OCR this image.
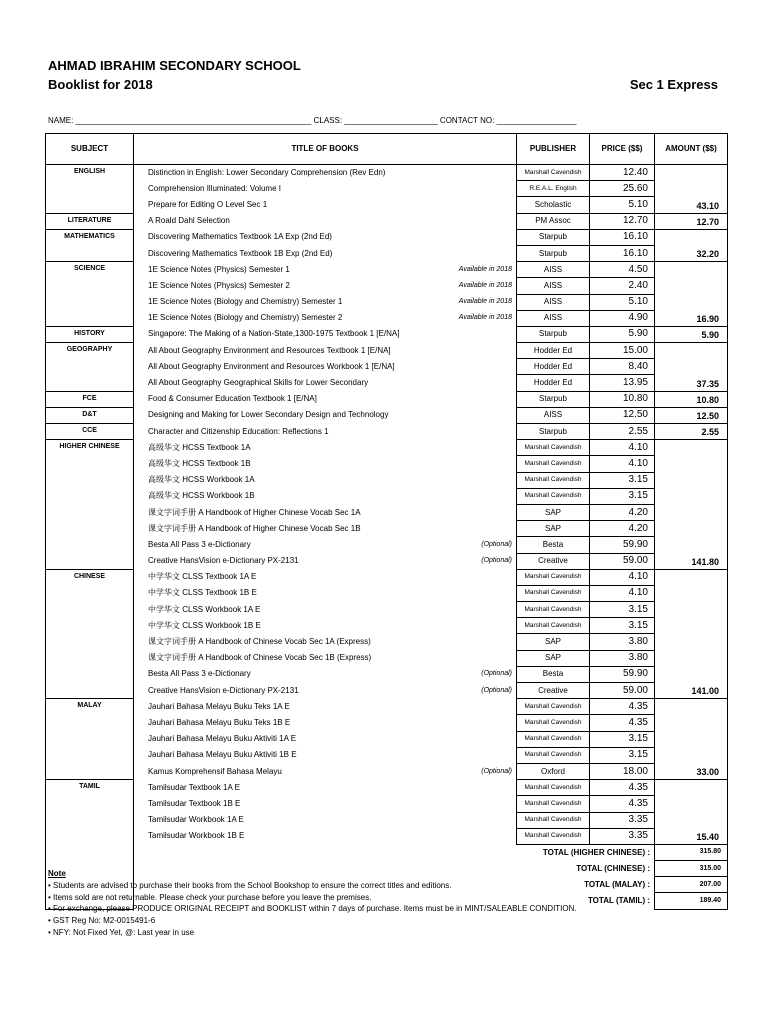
AHMAD IBRAHIM SECONDARY SCHOOL
Booklist for 2018	Sec 1 Express
NAME: _____________________________________________________ CLASS: _____________________ CONTACT NO: __________________
SUBJECT	TITLE OF BOOKS	PUBLISHER	PRICE ($$)	AMOUNT ($$)
ENGLISH	Distinction in English: Lower Secondary Comprehension (Rev Edn)	Marshall Cavendish	12.40	
	Comprehension Illuminated: Volume I	R.E.A.L. English	25.60	
	Prepare for Editing O Level Sec 1	Scholastic	5.10	43.10
LITERATURE	A Roald Dahl Selection	PM Assoc	12.70	12.70
MATHEMATICS	Discovering Mathematics Textbook 1A Exp (2nd Ed)	Starpub	16.10	
	Discovering Mathematics Textbook 1B Exp (2nd Ed)	Starpub	16.10	32.20
SCIENCE	1E Science Notes (Physics) Semester 1 Available in 2018	AISS	4.50	
	1E Science Notes (Physics) Semester 2 Available in 2018	AISS	2.40	
	1E Science Notes (Biology and Chemistry) Semester 1 Available in 2018	AISS	5.10	
	1E Science Notes (Biology and Chemistry) Semester 2 Available in 2018	AISS	4.90	16.90
HISTORY	Singapore: The Making of a Nation-State,1300-1975 Textbook 1 [E/NA]	Starpub	5.90	5.90
GEOGRAPHY	All About Geography Environment and Resources Textbook 1 [E/NA]	Hodder Ed	15.00	
	All About Geography Environment and Resources Workbook 1 [E/NA]	Hodder Ed	8.40	
	All About Geography Geographical Skills for Lower Secondary	Hodder Ed	13.95	37.35
FCE	Food & Consumer Education Textbook 1 [E/NA]	Starpub	10.80	10.80
D&T	Designing and Making for Lower Secondary Design and Technology	AISS	12.50	12.50
CCE	Character and Citizenship Education: Reflections 1	Starpub	2.55	2.55
HIGHER CHINESE	高级华文 HCSS Textbook 1A	Marshall Cavendish	4.10	
	高级华文 HCSS Textbook 1B	Marshall Cavendish	4.10	
	高级华文 HCSS Workbook 1A	Marshall Cavendish	3.15	
	高级华文 HCSS Workbook 1B	Marshall Cavendish	3.15	
	课文字词手册 A Handbook of Higher Chinese Vocab Sec 1A	SAP	4.20	
	课文字词手册 A Handbook of Higher Chinese Vocab Sec 1B	SAP	4.20	
	Besta All Pass 3 e-Dictionary (Optional)	Besta	59.90	
	Creative HansVision e-Dictionary PX-2131 (Optional)	Creative	59.00	141.80
CHINESE	中学华文 CLSS Textbook 1A E	Marshall Cavendish	4.10	
	中学华文 CLSS Textbook 1B E	Marshall Cavendish	4.10	
	中学华文 CLSS Workbook 1A E	Marshall Cavendish	3.15	
	中学华文 CLSS Workbook 1B E	Marshall Cavendish	3.15	
	课文字词手册 A Handbook of Chinese Vocab Sec 1A (Express)	SAP	3.80	
	课文字词手册 A Handbook of Chinese Vocab Sec 1B (Express)	SAP	3.80	
	Besta All Pass 3 e-Dictionary (Optional)	Besta	59.90	
	Creative HansVision e-Dictionary PX-2131 (Optional)	Creative	59.00	141.00
MALAY	Jauhari Bahasa Melayu Buku Teks 1A E	Marshall Cavendish	4.35	
	Jauhari Bahasa Melayu Buku Teks 1B E	Marshall Cavendish	4.35	
	Jauhari Bahasa Melayu Buku Aktiviti 1A E	Marshall Cavendish	3.15	
	Jauhari Bahasa Melayu Buku Aktiviti 1B E	Marshall Cavendish	3.15	
	Kamus Komprehensif Bahasa Melayu (Optional)	Oxford	18.00	33.00
TAMIL	Tamilsudar Textbook 1A E	Marshall Cavendish	4.35	
	Tamilsudar Textbook 1B E	Marshall Cavendish	4.35	
	Tamilsudar Workbook 1A E	Marshall Cavendish	3.35	
	Tamilsudar Workbook 1B E	Marshall Cavendish	3.35	15.40
	TOTAL (HIGHER CHINESE) :			315.80
	TOTAL (CHINESE) :			315.00
	TOTAL (MALAY) :			207.00
	TOTAL (TAMIL) :			189.40
Note
• Students are advised to purchase their books from the School Bookshop to ensure the correct titles and editions.
• Items sold are not returnable. Please check your purchase before you leave the premises.
• For exchange, please PRODUCE ORIGINAL RECEIPT and BOOKLIST within 7 days of purchase. Items must be in MINT/SALEABLE CONDITION.
• GST Reg No: M2-0015491-6
• NFY: Not Fixed Yet, @: Last year in use
